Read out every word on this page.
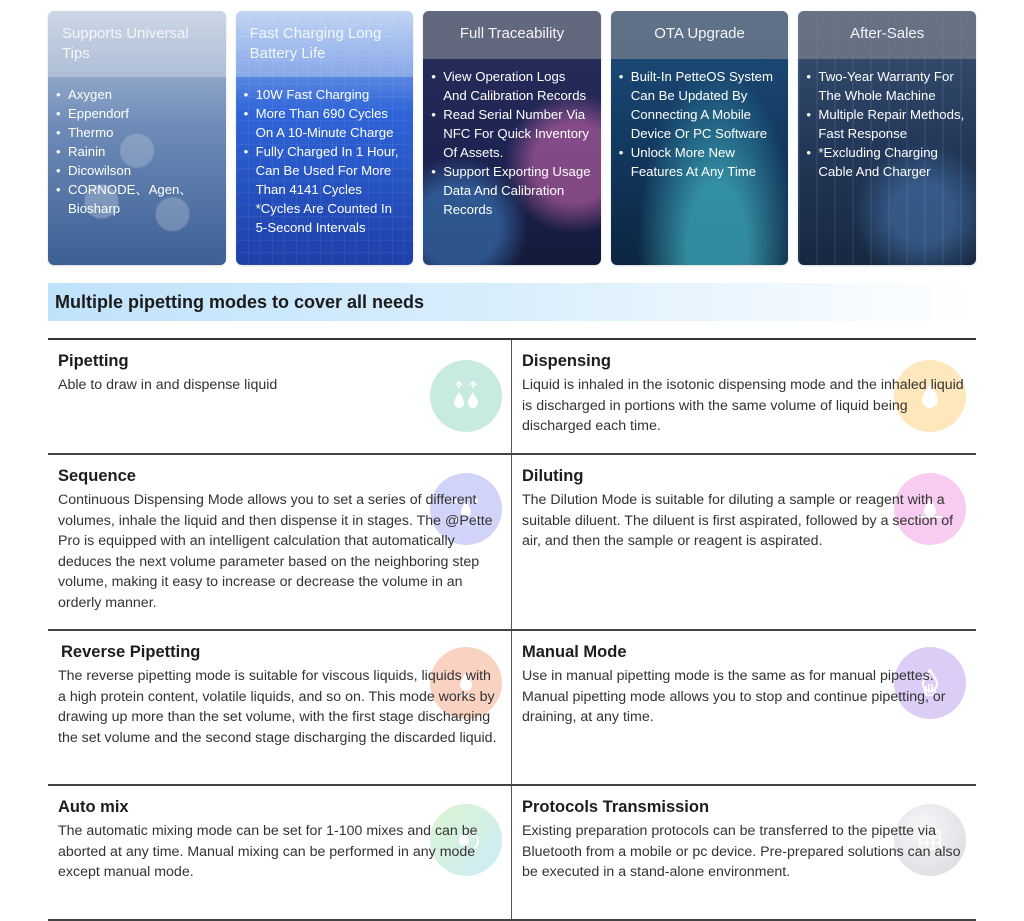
Supports Universal Tips
• Axygen
• Eppendorf
• Thermo
• Rainin
• Dicowilson
• CORNODE、Agen、Biosharp
Fast Charging Long Battery Life
• 10W Fast Charging
• More Than 690 Cycles On A 10-Minute Charge
• Fully Charged In 1 Hour, Can Be Used For More Than 4141 Cycles *Cycles Are Counted In 5-Second Intervals
Full Traceability
• View Operation Logs And Calibration Records
• Read Serial Number Via NFC For Quick Inventory Of Assets.
• Support Exporting Usage Data And Calibration Records
OTA Upgrade
• Built-In PetteOS System Can Be Updated By Connecting A Mobile Device Or PC Software
• Unlock More New Features At Any Time
After-Sales
• Two-Year Warranty For The Whole Machine
• Multiple Repair Methods, Fast Response
• *Excluding Charging Cable And Charger
Multiple pipetting modes to cover all needs
Pipetting

Able to draw in and dispense liquid

Dispensing

Liquid is inhaled in the isotonic dispensing mode and the inhaled liquid is discharged in portions with the same volume of liquid being discharged each time.

Sequence

Continuous Dispensing Mode allows you to set a series of different volumes, inhale the liquid and then dispense it in stages. The @Pette Pro is equipped with an intelligent calculation that automatically deduces the next volume parameter based on the neighboring step volume, making it easy to increase or decrease the volume in an orderly manner.

Diluting

The Dilution Mode is suitable for diluting a sample or reagent with a suitable diluent. The diluent is first aspirated, followed by a section of air, and then the sample or reagent is aspirated.

Reverse Pipetting

The reverse pipetting mode is suitable for viscous liquids, liquids with a high protein content, volatile liquids, and so on. This mode works by drawing up more than the set volume, with the first stage discharging the set volume and the second stage discharging the discarded liquid.

Manual Mode

Use in manual pipetting mode is the same as for manual pipettes. Manual pipetting mode allows you to stop and continue pipetting, or draining, at any time.

Auto mix

The automatic mixing mode can be set for 1-100 mixes and can be aborted at any time. Manual mixing can be performed in any mode except manual mode.

Protocols Transmission

Existing preparation protocols can be transferred to the pipette via Bluetooth from a mobile or pc device. Pre-prepared solutions can also be executed in a stand-alone environment.
